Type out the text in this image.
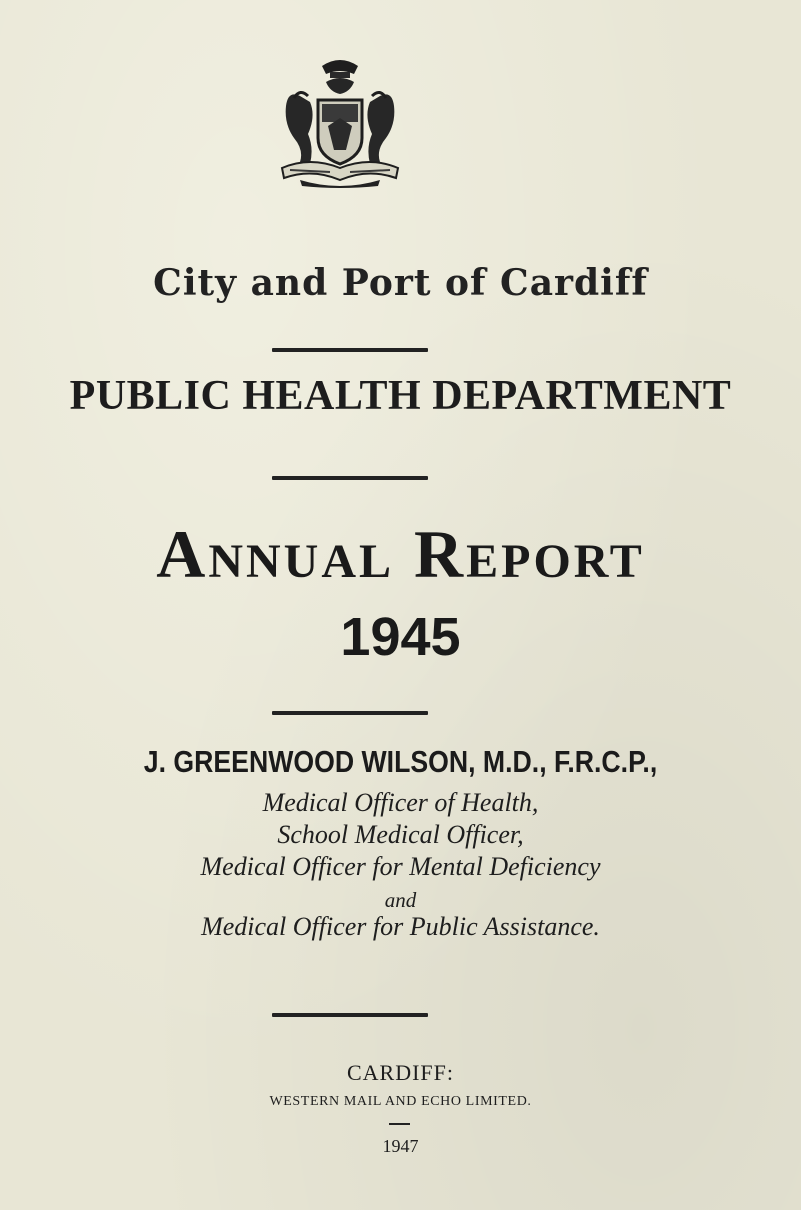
City and Port of Cardiff
PUBLIC HEALTH DEPARTMENT
Annual Report
1945
J. GREENWOOD WILSON, M.D., F.R.C.P.,
Medical Officer of Health,
School Medical Officer,
Medical Officer for Mental Deficiency
and
Medical Officer for Public Assistance.
CARDIFF:
WESTERN MAIL AND ECHO LIMITED.
1947
